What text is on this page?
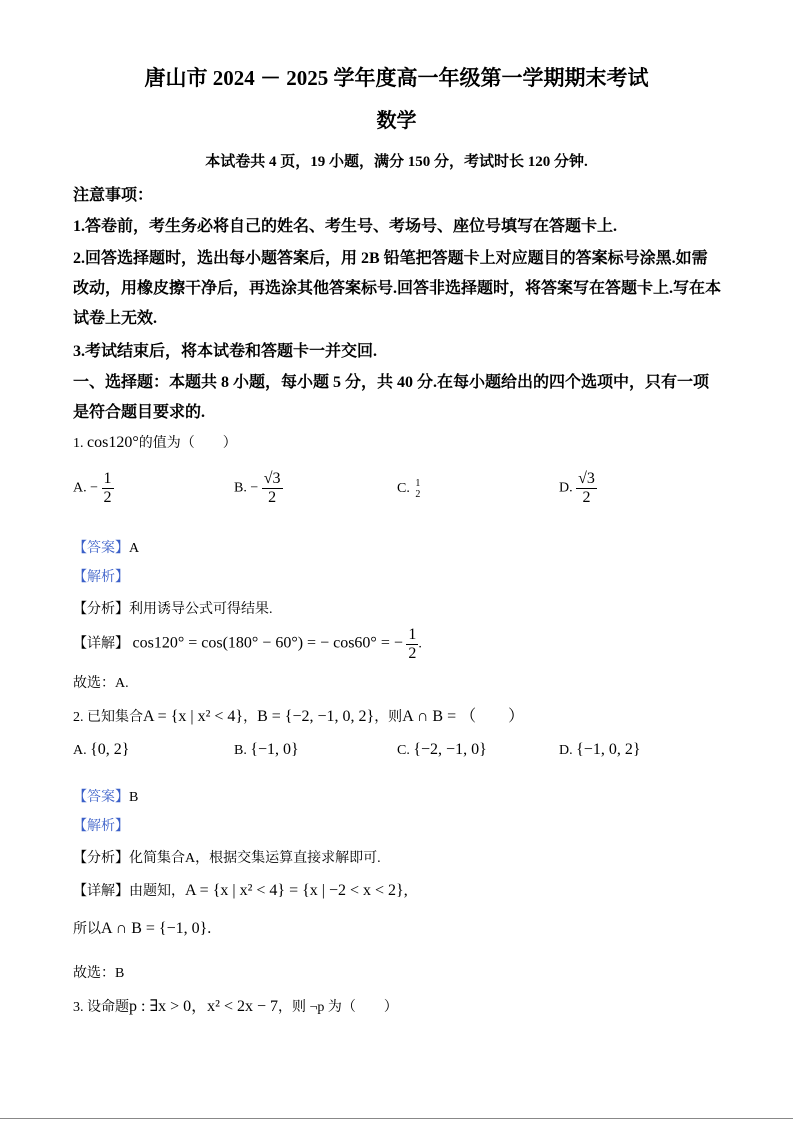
唐山市 2024 － 2025 学年度高一年级第一学期期末考试
数学
本试卷共 4 页，19 小题，满分 150 分，考试时长 120 分钟.
注意事项：
1.答卷前，考生务必将自己的姓名、考生号、考场号、座位号填写在答题卡上.
2.回答选择题时，选出每小题答案后，用 2B 铅笔把答题卡上对应题目的答案标号涂黑.如需
改动，用橡皮擦干净后，再选涂其他答案标号.回答非选择题时，将答案写在答题卡上.写在本
试卷上无效.
3.考试结束后，将本试卷和答题卡一并交回.
一、选择题：本题共 8 小题，每小题 5 分，共 40 分.在每小题给出的四个选项中，只有一项
是符合题目要求的.
1. cos120°的值为（　　）
A. − $\frac{1}{2}$	B. − $\frac{√3}{2}$	C. 1
2	D. $\frac{√3}{2}$
【答案】A
【解析】
【分析】利用诱导公式可得结果.
【详解】 cos120° = cos(180° − 60°) = − cos60° = − $\frac{1}{2}$ .
故选：A.
2. 已知集合A = {x | x² < 4}，B = {−2, −1, 0, 2}，则A ∩ B = （　　）
A. {0, 2}	B. {−1, 0}	C. {−2, −1, 0}	D. {−1, 0, 2}
【答案】B
【解析】
【分析】化简集合A，根据交集运算直接求解即可.
【详解】由题知，A = {x | x² < 4} = {x | −2 < x < 2},
所以A ∩ B = {−1, 0}.
故选：B
3. 设命题p : ∃x > 0，x² < 2x − 7，则 ¬p 为（　　）
